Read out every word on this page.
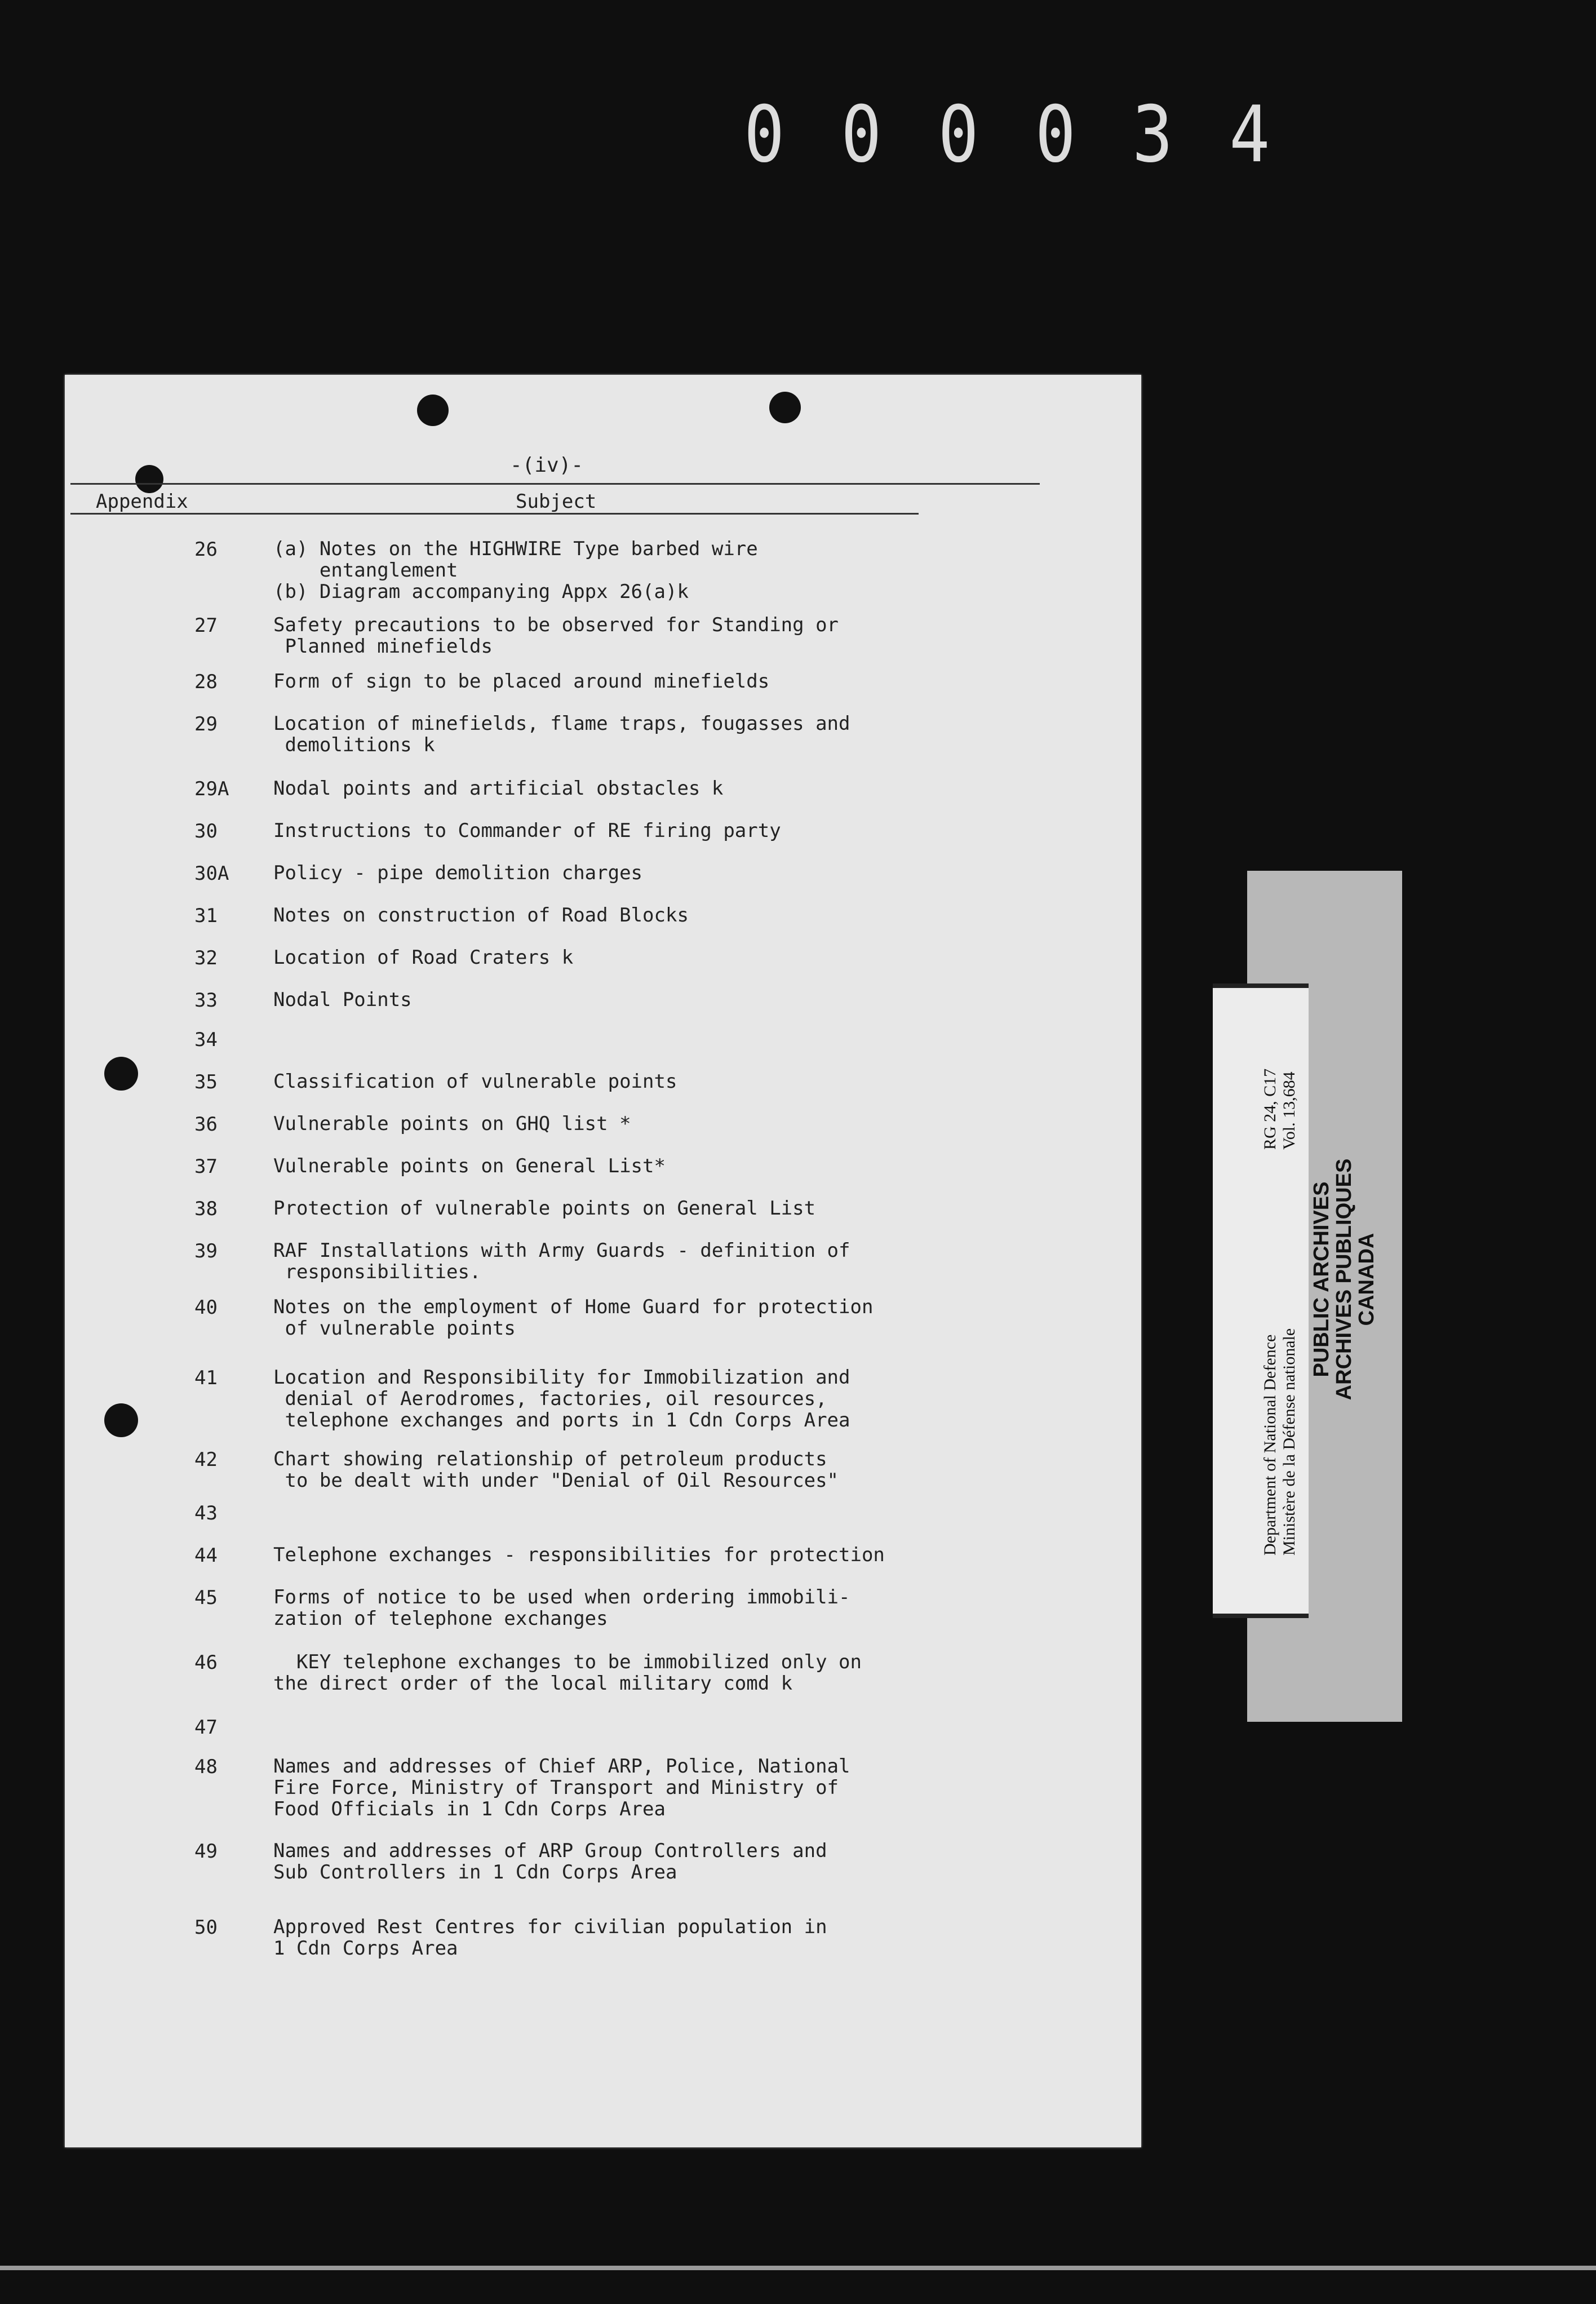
000034
-(iv)-
Appendix	Subject
26	(a) Notes on the HIGHWIRE Type barbed wire
entanglement
(b) Diagram accompanying Appx 26(a)k
27	Safety precautions to be observed for Standing or
Planned minefields
28	Form of sign to be placed around minefields
29	Location of minefields, flame traps, fougasses and
demolitions k
29A	Nodal points and artificial obstacles k
30	Instructions to Commander of RE firing party
30A	Policy - pipe demolition charges
31	Notes on construction of Road Blocks
32	Location of Road Craters k
33	Nodal Points
34
35	Classification of vulnerable points
36	Vulnerable points on GHQ list *
37	Vulnerable points on General List*
38	Protection of vulnerable points on General List
39	RAF Installations with Army Guards - definition of
responsibilities.
40	Notes on the employment of Home Guard for protection
of vulnerable points
41	Location and Responsibility for Immobilization and
denial of Aerodromes, factories, oil resources,
telephone exchanges and ports in 1 Cdn Corps Area
42	Chart showing relationship of petroleum products
to be dealt with under "Denial of Oil Resources"
43
44	Telephone exchanges - responsibilities for protection
45	Forms of notice to be used when ordering immobili-
zation of telephone exchanges
46	KEY telephone exchanges to be immobilized only on
the direct order of the local military comd k
47
48	Names and addresses of Chief ARP, Police, National
Fire Force, Ministry of Transport and Ministry of
Food Officials in 1 Cdn Corps Area
49	Names and addresses of ARP Group Controllers and
Sub Controllers in 1 Cdn Corps Area
50	Approved Rest Centres for civilian population in
1 Cdn Corps Area
Department of National Defence Ministère de la Défense nationale
RG 24, C17 Vol. 13,684
PUBLIC ARCHIVES
ARCHIVES PUBLIQUES
CANADA
